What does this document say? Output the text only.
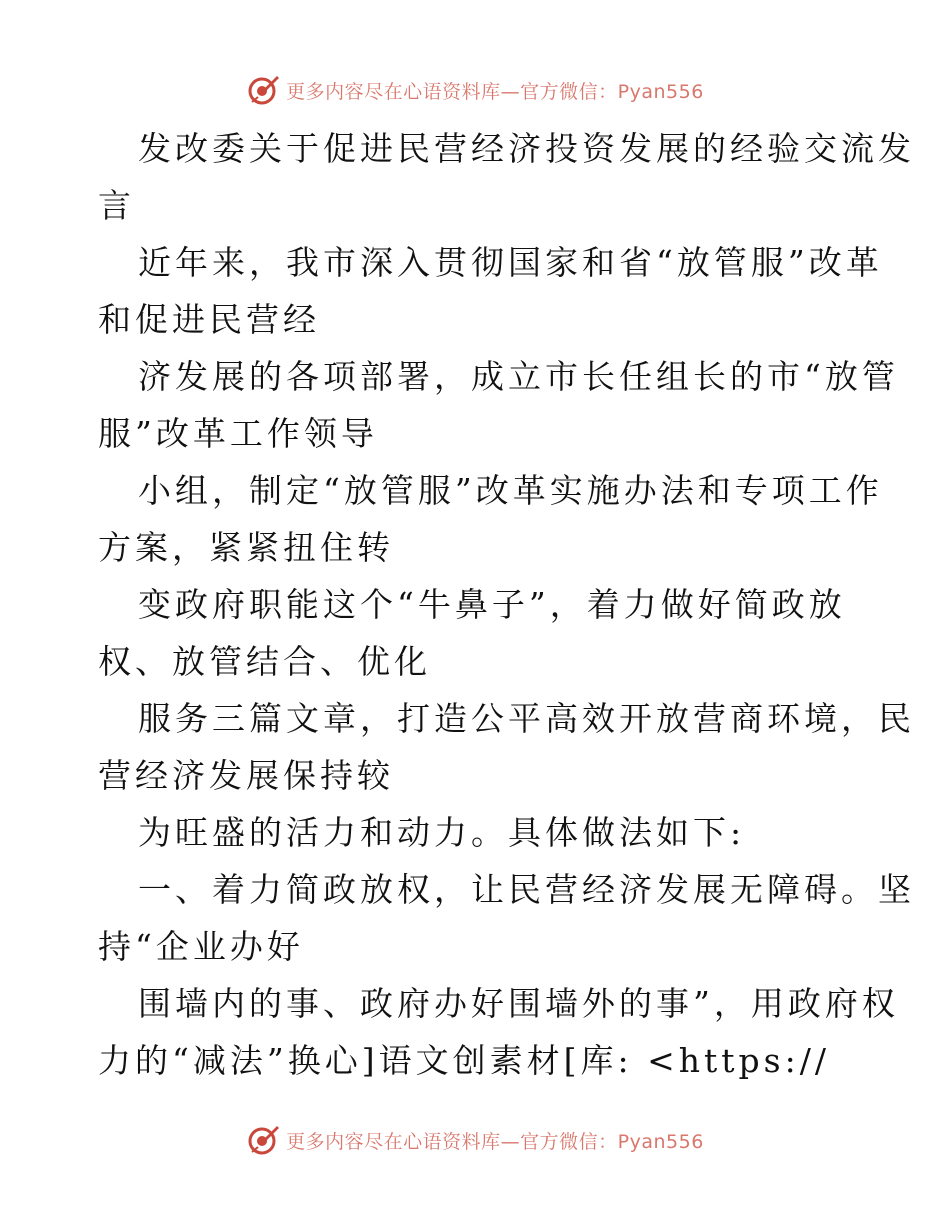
更多内容尽在心语资料库—官方微信：Pyan556
发改委关于促进民营经济投资发展的经验交流发
言
近年来，我市深入贯彻国家和省“放管服”改革
和促进民营经
济发展的各项部署，成立市长任组长的市“放管
服”改革工作领导
小组，制定“放管服”改革实施办法和专项工作
方案，紧紧扭住转
变政府职能这个“牛鼻子”，着力做好简政放
权、放管结合、优化
服务三篇文章，打造公平高效开放营商环境，民
营经济发展保持较
为旺盛的活力和动力。具体做法如下:
一、着力简政放权，让民营经济发展无障碍。坚
持“企业办好
围墙内的事、政府办好围墙外的事”，用政府权
力的“减法”换心]语文创素材[库: <https://
更多内容尽在心语资料库—官方微信：Pyan556
